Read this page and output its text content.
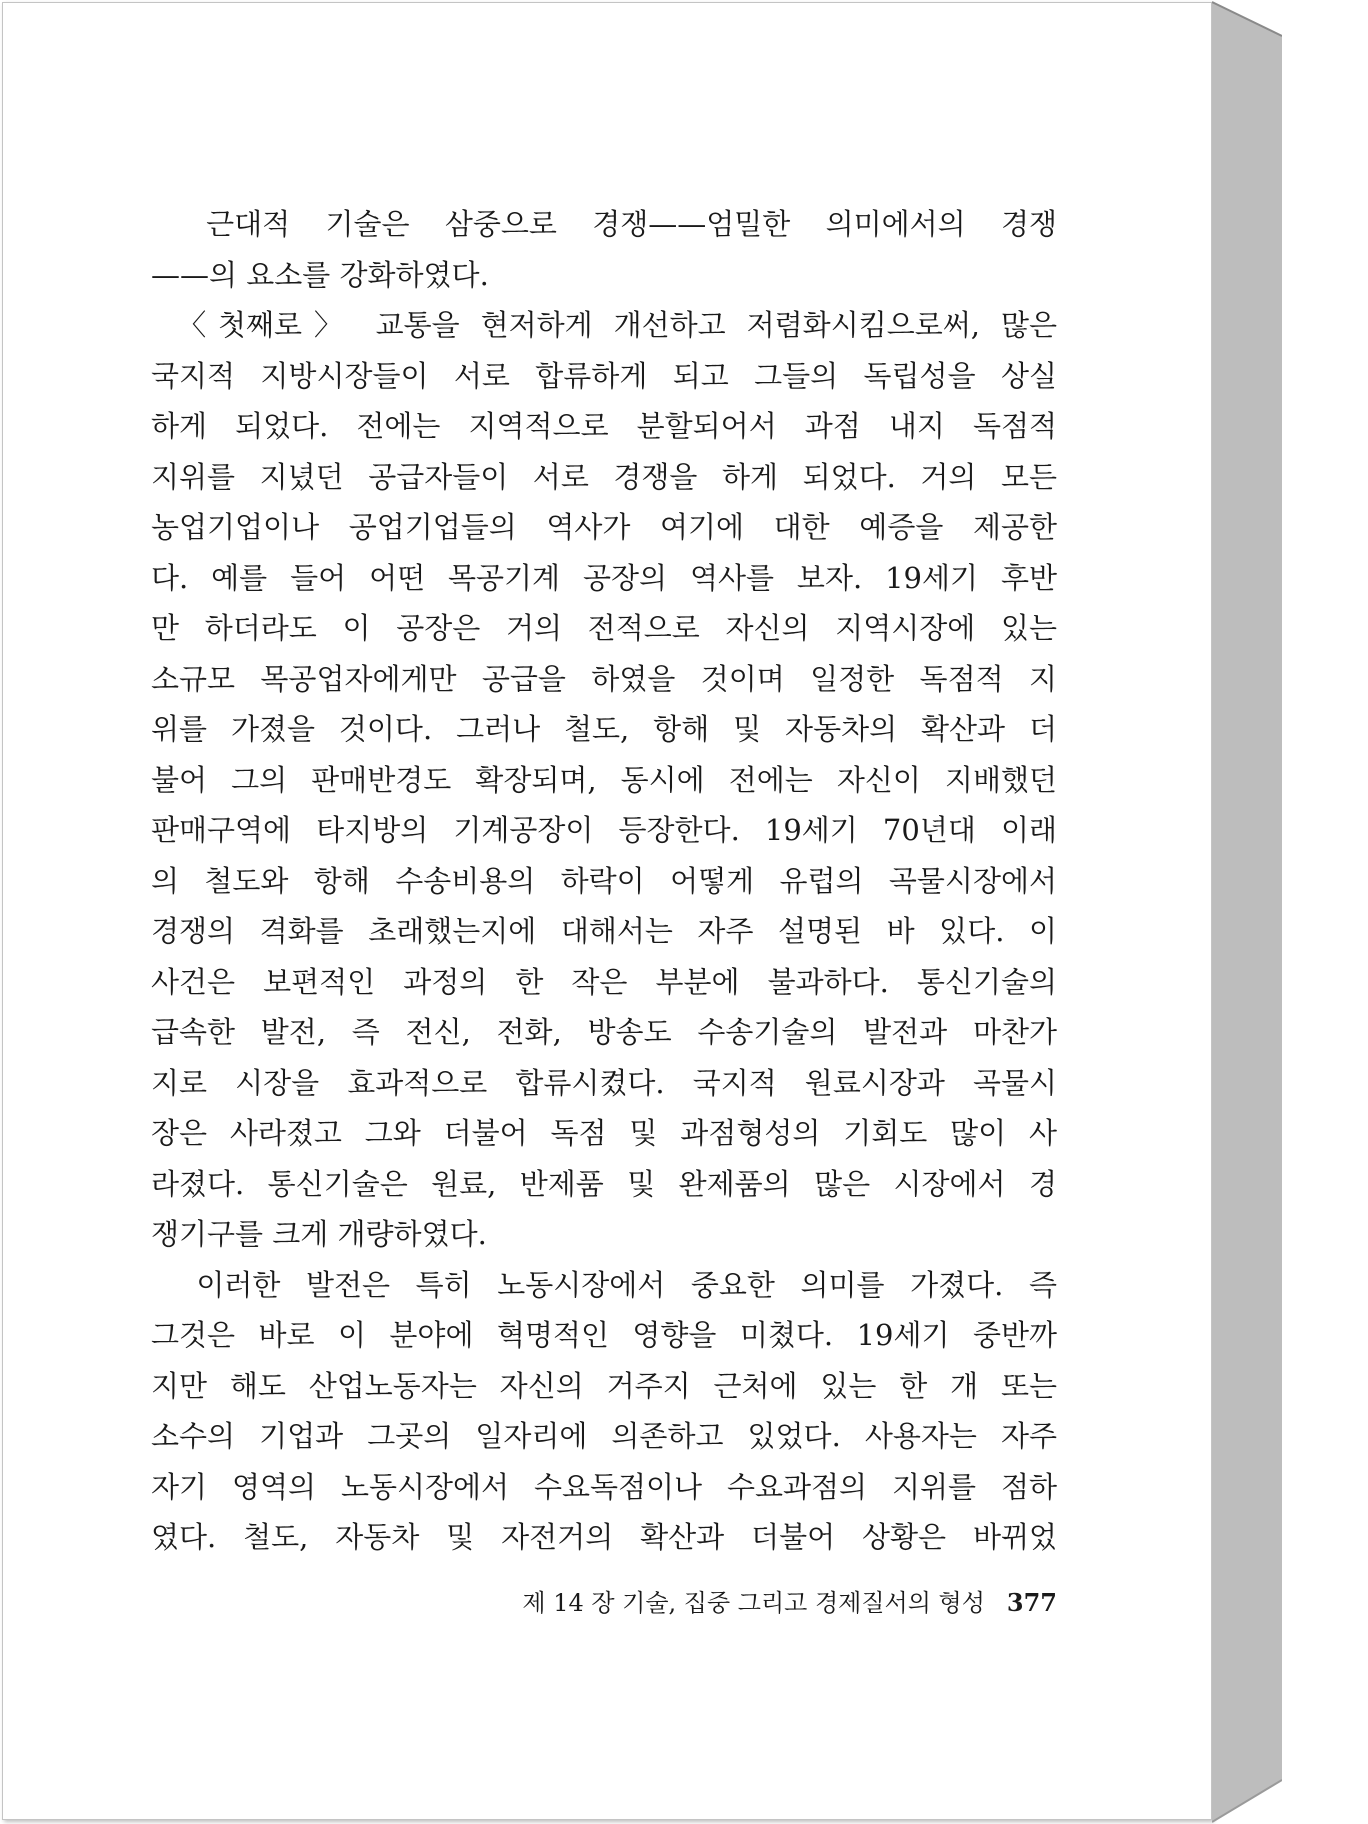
　근대적 기술은 삼중으로 경쟁——엄밀한 의미에서의 경쟁
——의 요소를 강화하였다.
　〈첫째로〉 교통을 현저하게 개선하고 저렴화시킴으로써, 많은
국지적 지방시장들이 서로 합류하게 되고 그들의 독립성을 상실
하게 되었다. 전에는 지역적으로 분할되어서 과점 내지 독점적
지위를 지녔던 공급자들이 서로 경쟁을 하게 되었다. 거의 모든
농업기업이나 공업기업들의 역사가 여기에 대한 예증을 제공한
다. 예를 들어 어떤 목공기계 공장의 역사를 보자. 19세기 후반
만 하더라도 이 공장은 거의 전적으로 자신의 지역시장에 있는
소규모 목공업자에게만 공급을 하였을 것이며 일정한 독점적 지
위를 가졌을 것이다. 그러나 철도, 항해 및 자동차의 확산과 더
불어 그의 판매반경도 확장되며, 동시에 전에는 자신이 지배했던
판매구역에 타지방의 기계공장이 등장한다. 19세기 70년대 이래
의 철도와 항해 수송비용의 하락이 어떻게 유럽의 곡물시장에서
경쟁의 격화를 초래했는지에 대해서는 자주 설명된 바 있다. 이
사건은 보편적인 과정의 한 작은 부분에 불과하다. 통신기술의
급속한 발전, 즉 전신, 전화, 방송도 수송기술의 발전과 마찬가
지로 시장을 효과적으로 합류시켰다. 국지적 원료시장과 곡물시
장은 사라졌고 그와 더불어 독점 및 과점형성의 기회도 많이 사
라졌다. 통신기술은 원료, 반제품 및 완제품의 많은 시장에서 경
쟁기구를 크게 개량하였다.
　이러한 발전은 특히 노동시장에서 중요한 의미를 가졌다. 즉
그것은 바로 이 분야에 혁명적인 영향을 미쳤다. 19세기 중반까
지만 해도 산업노동자는 자신의 거주지 근처에 있는 한 개 또는
소수의 기업과 그곳의 일자리에 의존하고 있었다. 사용자는 자주
자기 영역의 노동시장에서 수요독점이나 수요과점의 지위를 점하
였다. 철도, 자동차 및 자전거의 확산과 더불어 상황은 바뀌었
제 14 장 기술, 집중 그리고 경제질서의 형성 377
